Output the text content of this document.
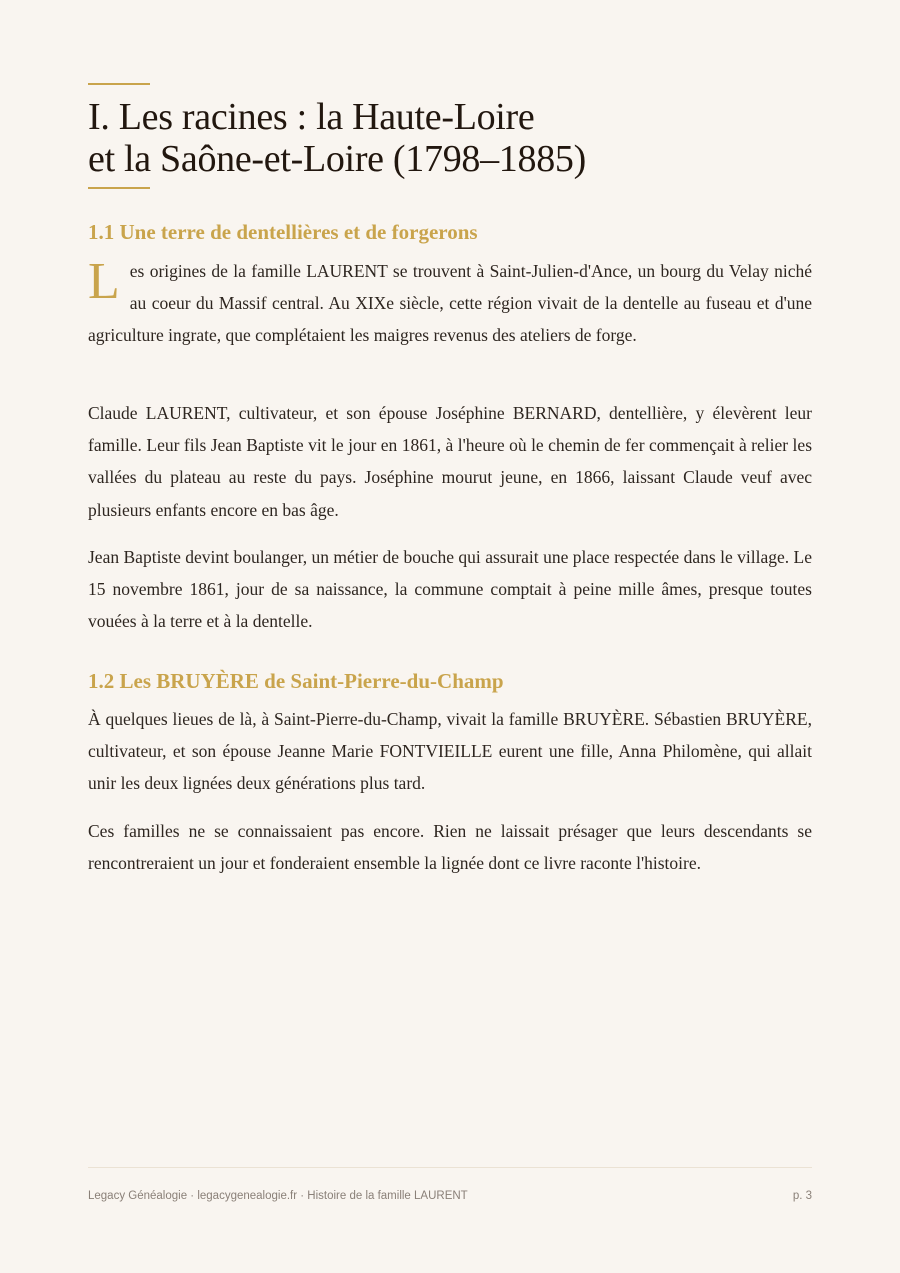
I. Les racines : la Haute-Loire
et la Saône-et-Loire (1798–1885)
1.1 Une terre de dentellières et de forgerons

Les origines de la famille LAURENT se trouvent à Saint-Julien-d'Ance, un bourg du Velay niché au coeur du Massif central. Au XIXe siècle, cette région vivait de la dentelle au fuseau et d'une agriculture ingrate, que complétaient les maigres revenus des ateliers de forge.

Claude LAURENT, cultivateur, et son épouse Joséphine BERNARD, dentellière, y élevèrent leur famille. Leur fils Jean Baptiste vit le jour en 1861, à l'heure où le chemin de fer commençait à relier les vallées du plateau au reste du pays. Joséphine mourut jeune, en 1866, laissant Claude veuf avec plusieurs enfants encore en bas âge.

Jean Baptiste devint boulanger, un métier de bouche qui assurait une place respectée dans le village. Le 15 novembre 1861, jour de sa naissance, la commune comptait à peine mille âmes, presque toutes vouées à la terre et à la dentelle.

1.2 Les BRUYÈRE de Saint-Pierre-du-Champ

À quelques lieues de là, à Saint-Pierre-du-Champ, vivait la famille BRUYÈRE. Sébastien BRUYÈRE, cultivateur, et son épouse Jeanne Marie FONTVIEILLE eurent une fille, Anna Philomène, qui allait unir les deux lignées deux générations plus tard.

Ces familles ne se connaissaient pas encore. Rien ne laissait présager que leurs descendants se rencontreraient un jour et fonderaient ensemble la lignée dont ce livre raconte l'histoire.

Legacy Généalogie · legacygenealogie.fr · Histoire de la famille LAURENT	p. 3
